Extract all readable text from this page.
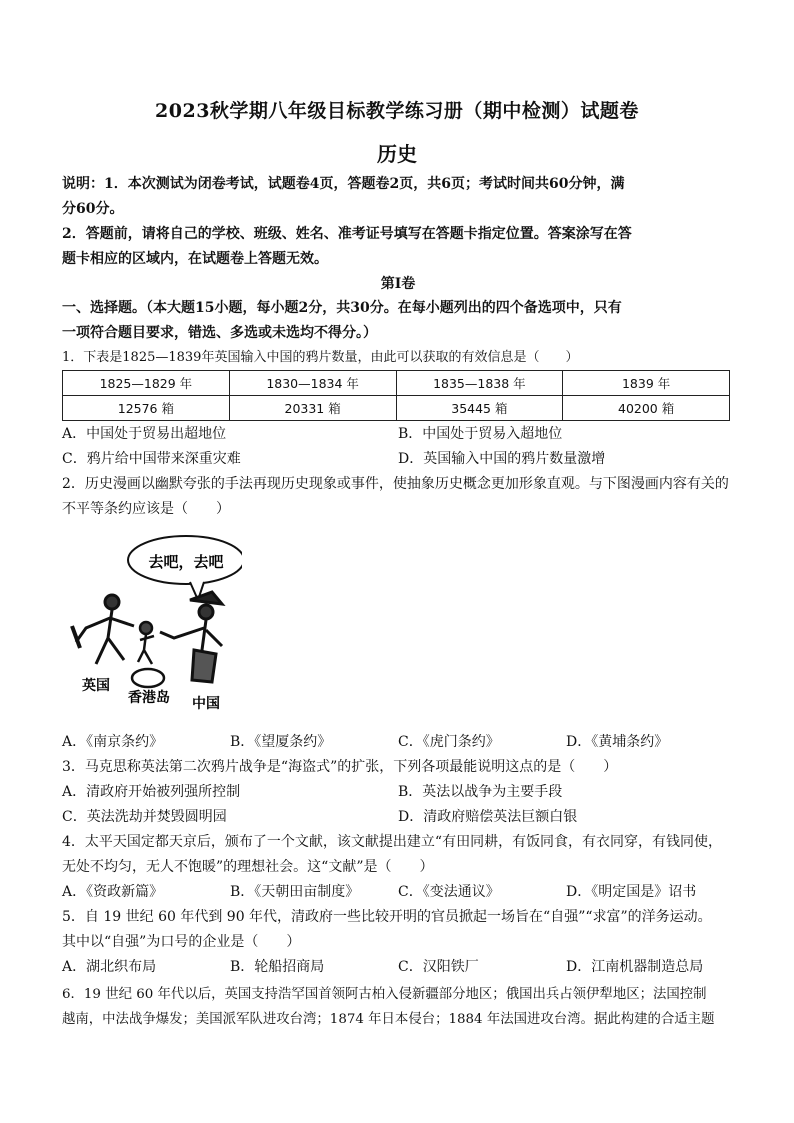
2023秋学期八年级目标教学练习册（期中检测）试题卷
历史
说明：1．本次测试为闭卷考试，试题卷4页，答题卷2页，共6页；考试时间共60分钟，满
分60分。
2．答题前，请将自己的学校、班级、姓名、准考证号填写在答题卡指定位置。答案涂写在答
题卡相应的区域内，在试题卷上答题无效。
第Ⅰ卷
一、选择题。（本大题15小题，每小题2分，共30分。在每小题列出的四个备选项中，只有
一项符合题目要求，错选、多选或未选均不得分。）
1．下表是1825—1839年英国输入中国的鸦片数量，由此可以获取的有效信息是（　　）
1825—1829 年	1830—1834 年	1835—1838 年	1839 年
12576 箱	20331 箱	35445 箱	40200 箱
A．中国处于贸易出超地位	B．中国处于贸易入超地位
C．鸦片给中国带来深重灾难	D．英国输入中国的鸦片数量激增
2．历史漫画以幽默夸张的手法再现历史现象或事件，使抽象历史概念更加形象直观。与下图漫画内容有关的
不平等条约应该是（　　）
去吧，去吧
英国
香港岛 中国
A．《南京条约》	B．《望厦条约》	C．《虎门条约》	D．《黄埔条约》
3．马克思称英法第二次鸦片战争是“海盗式”的扩张，下列各项最能说明这点的是（　　）
A．清政府开始被列强所控制	B．英法以战争为主要手段
C．英法洗劫并焚毁圆明园	D．清政府赔偿英法巨额白银
4．太平天国定都天京后，颁布了一个文献，该文献提出建立“有田同耕，有饭同食，有衣同穿，有钱同使，
无处不均匀，无人不饱暖”的理想社会。这“文献”是（　　）
A．《资政新篇》	B．《天朝田亩制度》	C．《变法通议》	D．《明定国是》诏书
5．自 19 世纪 60 年代到 90 年代，清政府一些比较开明的官员掀起一场旨在“自强”“求富”的洋务运动。
其中以“自强”为口号的企业是（　　）
A．湖北织布局	B．轮船招商局	C．汉阳铁厂	D．江南机器制造总局
6．19 世纪 60 年代以后，英国支持浩罕国首领阿古柏入侵新疆部分地区；俄国出兵占领伊犁地区；法国控制
越南，中法战争爆发；美国派军队进攻台湾；1874 年日本侵台；1884 年法国进攻台湾。据此构建的合适主题
